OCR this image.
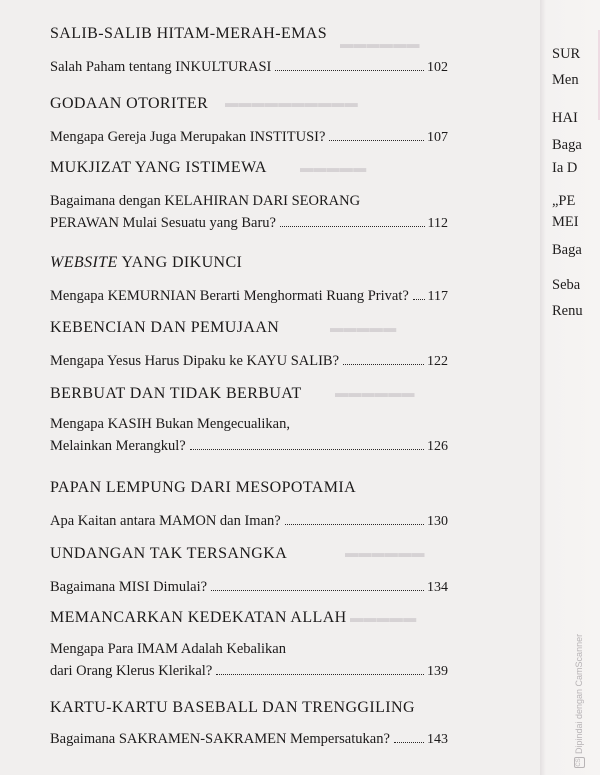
▬▬▬▬▬▬
▬▬▬▬▬▬▬▬▬▬
▬▬▬▬▬
▬▬▬▬▬
▬▬▬▬▬▬
▬▬▬▬▬▬
▬▬▬▬▬
SUR
Men
HAI
Baga
Ia D
„PE
MEI
Baga
Seba
Renu
SALIB-SALIB HITAM-MERAH-EMAS
Salah Paham tentang INKULTURASI	102
GODAAN OTORITER
Mengapa Gereja Juga Merupakan INSTITUSI?	107
MUKJIZAT YANG ISTIMEWA
Bagaimana dengan KELAHIRAN DARI SEORANG
PERAWAN Mulai Sesuatu yang Baru?	112
WEBSITE YANG DIKUNCI
Mengapa KEMURNIAN Berarti Menghormati Ruang Privat? 117
KEBENCIAN DAN PEMUJAAN
Mengapa Yesus Harus Dipaku ke KAYU SALIB?	122
BERBUAT DAN TIDAK BERBUAT
Mengapa KASIH Bukan Mengecualikan,
Melainkan Merangkul?	126
PAPAN LEMPUNG DARI MESOPOTAMIA
Apa Kaitan antara MAMON dan Iman?	130
UNDANGAN TAK TERSANGKA
Bagaimana MISI Dimulai?	134
MEMANCARKAN KEDEKATAN ALLAH
Mengapa Para IMAM Adalah Kebalikan
dari Orang Klerus Klerikal?	139
KARTU-KARTU BASEBALL DAN TRENGGILING
Bagaimana SAKRAMEN-SAKRAMEN Mempersatukan?	143
CSDipindai dengan CamScanner
